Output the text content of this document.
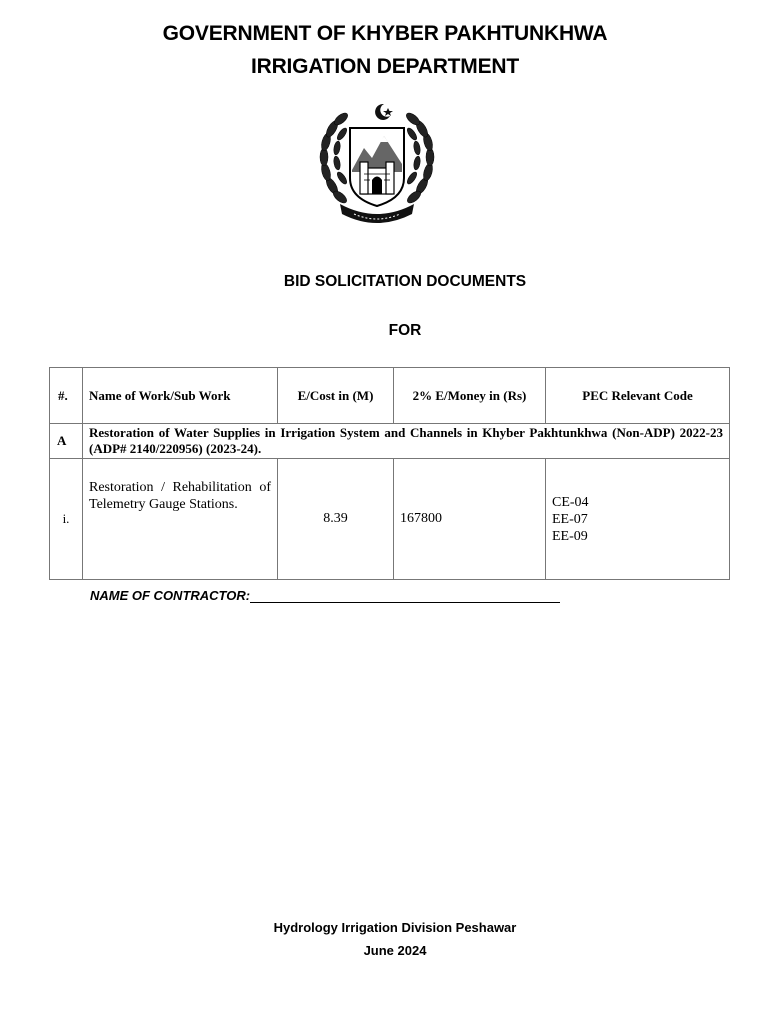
GOVERNMENT OF KHYBER PAKHTUNKHWA
IRRIGATION DEPARTMENT
BID SOLICITATION DOCUMENTS
FOR
#.	Name of Work/Sub Work	E/Cost in (M)	2% E/Money in (Rs)	PEC Relevant Code
A	Restoration of Water Supplies in Irrigation System and Channels in Khyber Pakhtunkhwa (Non-ADP) 2022-23 (ADP# 2140/220956) (2023-24).			
i.	Restoration / Rehabilitation of Telemetry Gauge Stations.	8.39	167800	CE-04
EE-07
EE-09
NAME OF CONTRACTOR:
Hydrology Irrigation Division Peshawar
June 2024
